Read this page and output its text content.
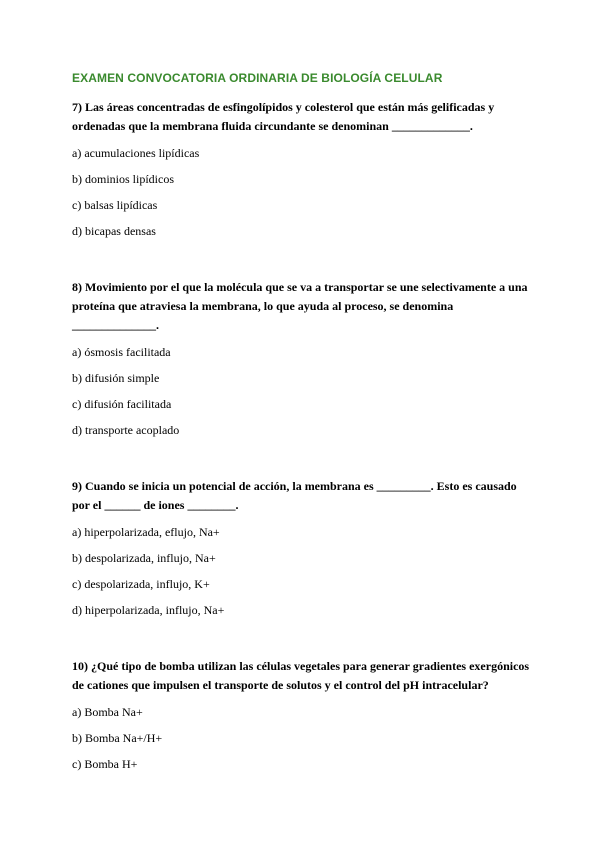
EXAMEN CONVOCATORIA ORDINARIA DE BIOLOGÍA CELULAR
7) Las áreas concentradas de esfingolípidos y colesterol que están más gelificadas y ordenadas que la membrana fluida circundante se denominan _____________.
a) acumulaciones lipídicas
b) dominios lipídicos
c) balsas lipídicas
d) bicapas densas
8) Movimiento por el que la molécula que se va a transportar se une selectivamente a una proteína que atraviesa la membrana, lo que ayuda al proceso, se denomina ______________.
a) ósmosis facilitada
b) difusión simple
c) difusión facilitada
d) transporte acoplado
9) Cuando se inicia un potencial de acción, la membrana es _________. Esto es causado por el ______ de iones ________.
a) hiperpolarizada, eflujo, Na+
b) despolarizada, influjo, Na+
c) despolarizada, influjo, K+
d) hiperpolarizada, influjo, Na+
10) ¿Qué tipo de bomba utilizan las células vegetales para generar gradientes exergónicos de cationes que impulsen el transporte de solutos y el control del pH intracelular?
a) Bomba Na+
b) Bomba Na+/H+
c) Bomba H+
